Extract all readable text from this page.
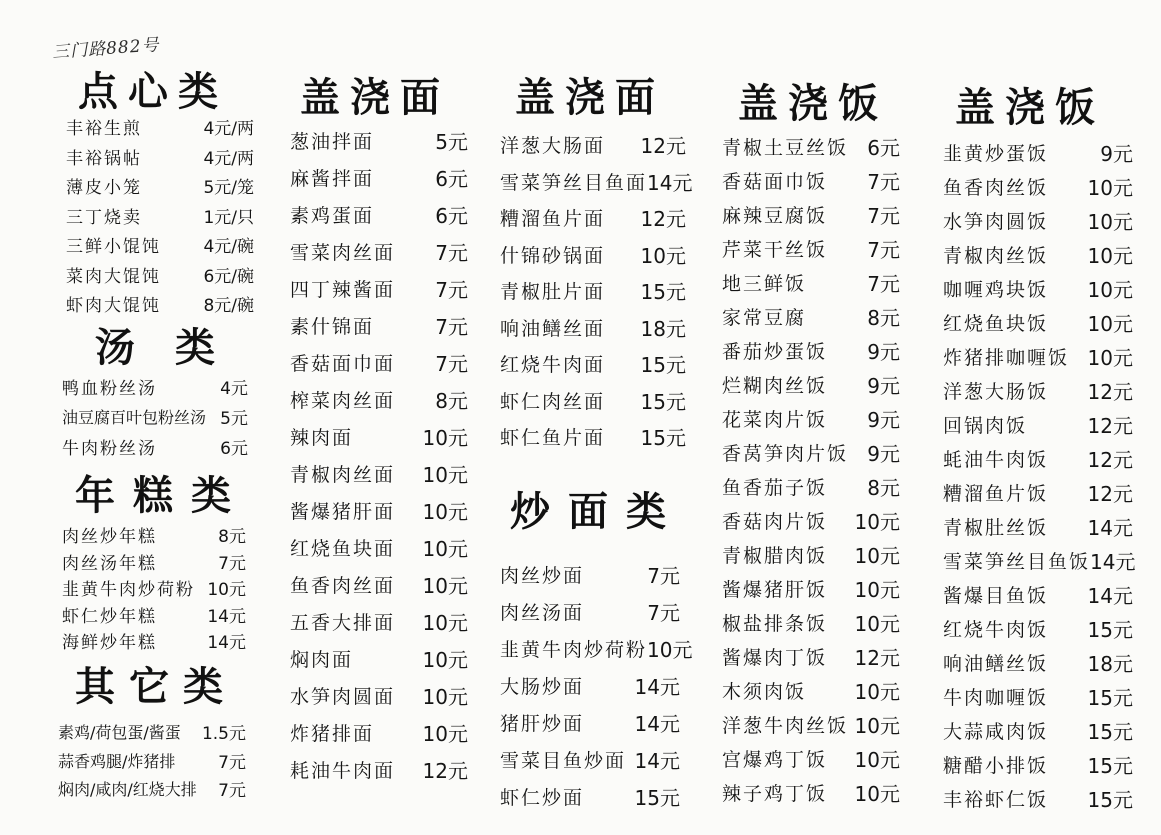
三门路882号
点心类
丰裕生煎	4元/两
丰裕锅帖	4元/两
薄皮小笼	5元/笼
三丁烧卖	1元/只
三鲜小馄饨 4元/碗
菜肉大馄饨 6元/碗
虾肉大馄饨 8元/碗
汤类
鸭血粉丝汤	4元
油豆腐百叶包粉丝汤 5元
牛肉粉丝汤	6元
年糕类
肉丝炒年糕	8元
肉丝汤年糕	7元
韭黄牛肉炒荷粉 10元
虾仁炒年糕	14元
海鲜炒年糕	14元
其它类
素鸡/荷包蛋/酱蛋 1.5元
蒜香鸡腿/炸猪排	7元
焖肉/咸肉/红烧大排 7元
盖浇面
葱油拌面	5元
麻酱拌面	6元
素鸡蛋面	6元
雪菜肉丝面 7元
四丁辣酱面 7元
素什锦面	7元
香菇面巾面 7元
榨菜肉丝面 8元
辣肉面	10元
青椒肉丝面 10元
酱爆猪肝面 10元
红烧鱼块面 10元
鱼香肉丝面 10元
五香大排面 10元
焖肉面	10元
水笋肉圆面 10元
炸猪排面 10元
耗油牛肉面 12元
盖浇面
洋葱大肠面 12元
雪菜笋丝目鱼面 14元
糟溜鱼片面 12元
什锦砂锅面 10元
青椒肚片面 15元
响油鳝丝面 18元
红烧牛肉面 15元
虾仁肉丝面 15元
虾仁鱼片面 15元
炒面类
肉丝炒面	7元
肉丝汤面	7元
韭黄牛肉炒荷粉 10元
大肠炒面	14元
猪肝炒面	14元
雪菜目鱼炒面 14元
虾仁炒面	15元
盖浇饭
青椒土豆丝饭 6元
香菇面巾饭 7元
麻辣豆腐饭 7元
芹菜干丝饭 7元
地三鲜饭	7元
家常豆腐	8元
番茄炒蛋饭 9元
烂糊肉丝饭 9元
花菜肉片饭 9元
香莴笋肉片饭 9元
鱼香茄子饭 8元
香菇肉片饭 10元
青椒腊肉饭 10元
酱爆猪肝饭 10元
椒盐排条饭 10元
酱爆肉丁饭 12元
木须肉饭 10元
洋葱牛肉丝饭 10元
宫爆鸡丁饭 10元
辣子鸡丁饭 10元
盖浇饭
韭黄炒蛋饭	9元
鱼香肉丝饭 10元
水笋肉圆饭 10元
青椒肉丝饭 10元
咖喱鸡块饭 10元
红烧鱼块饭 10元
炸猪排咖喱饭 10元
洋葱大肠饭 12元
回锅肉饭	12元
蚝油牛肉饭 12元
糟溜鱼片饭 12元
青椒肚丝饭 14元
雪菜笋丝目鱼饭 14元
酱爆目鱼饭 14元
红烧牛肉饭 15元
响油鳝丝饭 18元
牛肉咖喱饭 15元
大蒜咸肉饭 15元
糖醋小排饭 15元
丰裕虾仁饭 15元
